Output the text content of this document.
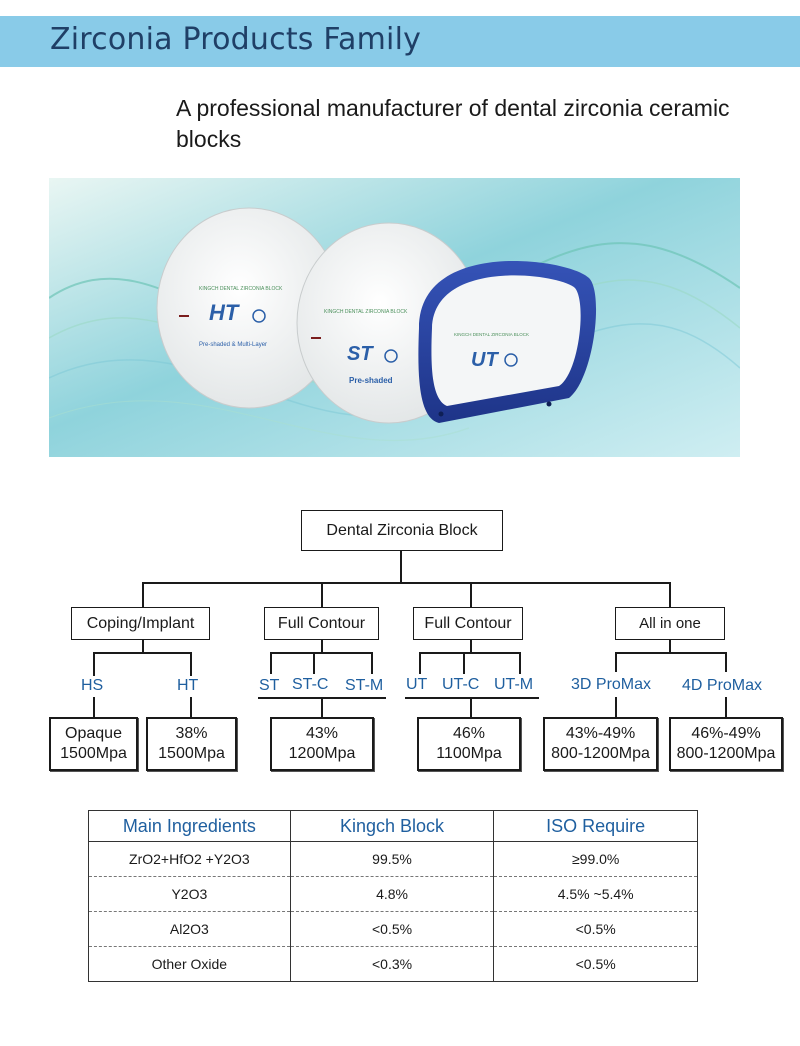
Zirconia Products Family
A professional manufacturer of dental zirconia ceramic blocks
HT
KINGCH DENTAL ZIRCONIA BLOCK
Pre-shaded & Multi-Layer	ST
KINGCH DENTAL ZIRCONIA BLOCK
Pre-shaded
UT
KINGCH DENTAL ZIRCONIA BLOCK
Dental Zirconia Block
Coping/Implant	Full Contour	Full Contour	All in one
HS	HT	ST ST-C ST-M UT UT-C UT-M 3D ProMax 4D ProMax
Opaque
1500Mpa
38%
1500Mpa
43%
1200Mpa
46%
1100Mpa
43%-49%
800-1200Mpa
46%-49%
800-1200Mpa
Main Ingredients	Kingch Block	ISO Require
ZrO2+HfO2 +Y2O3	99.5%	≥99.0%
Y2O3	4.8%	4.5% ~5.4%
Al2O3	<0.5%	<0.5%
Other Oxide	<0.3%	<0.5%
